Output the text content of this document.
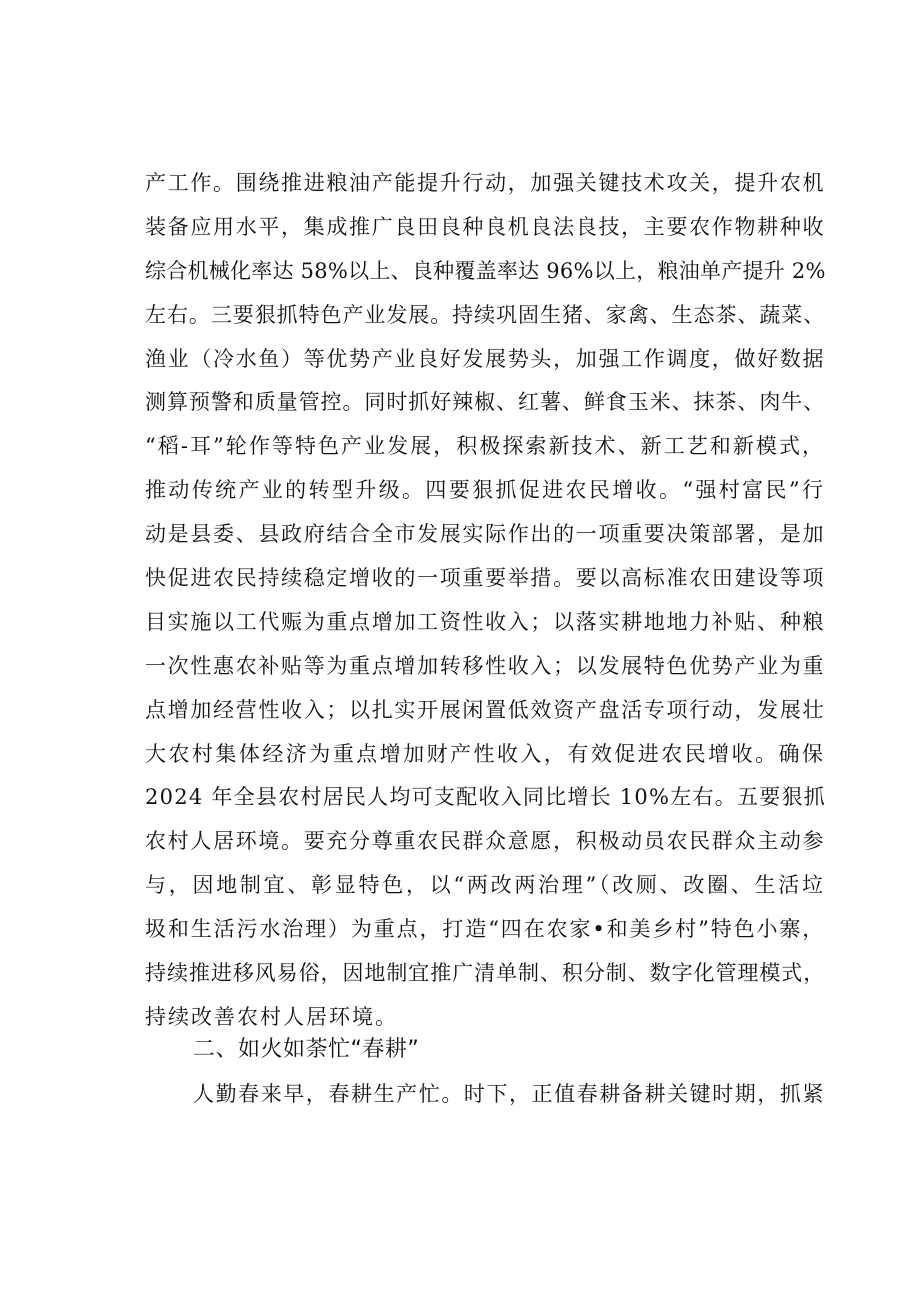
产工作。围绕推进粮油产能提升行动，加强关键技术攻关，提升农机
装备应用水平，集成推广良田良种良机良法良技，主要农作物耕种收
综合机械化率达 58%以上、良种覆盖率达 96%以上，粮油单产提升 2%
左右。三要狠抓特色产业发展。持续巩固生猪、家禽、生态茶、蔬菜、
渔业（冷水鱼）等优势产业良好发展势头，加强工作调度，做好数据
测算预警和质量管控。同时抓好辣椒、红薯、鲜食玉米、抹茶、肉牛、
“稻-耳”轮作等特色产业发展，积极探索新技术、新工艺和新模式，
推动传统产业的转型升级。四要狠抓促进农民增收。“强村富民”行
动是县委、县政府结合全市发展实际作出的一项重要决策部署，是加
快促进农民持续稳定增收的一项重要举措。要以高标准农田建设等项
目实施以工代赈为重点增加工资性收入；以落实耕地地力补贴、种粮
一次性惠农补贴等为重点增加转移性收入；以发展特色优势产业为重
点增加经营性收入；以扎实开展闲置低效资产盘活专项行动，发展壮
大农村集体经济为重点增加财产性收入，有效促进农民增收。确保
2024 年全县农村居民人均可支配收入同比增长 10%左右。五要狠抓
农村人居环境。要充分尊重农民群众意愿，积极动员农民群众主动参
与，因地制宜、彰显特色，以“两改两治理”（改厕、改圈、生活垃
圾和生活污水治理）为重点，打造“四在农家•和美乡村”特色小寨，
持续推进移风易俗，因地制宜推广清单制、积分制、数字化管理模式，
持续改善农村人居环境。
二、如火如荼忙“春耕”
人勤春来早，春耕生产忙。时下，正值春耕备耕关键时期，抓紧
